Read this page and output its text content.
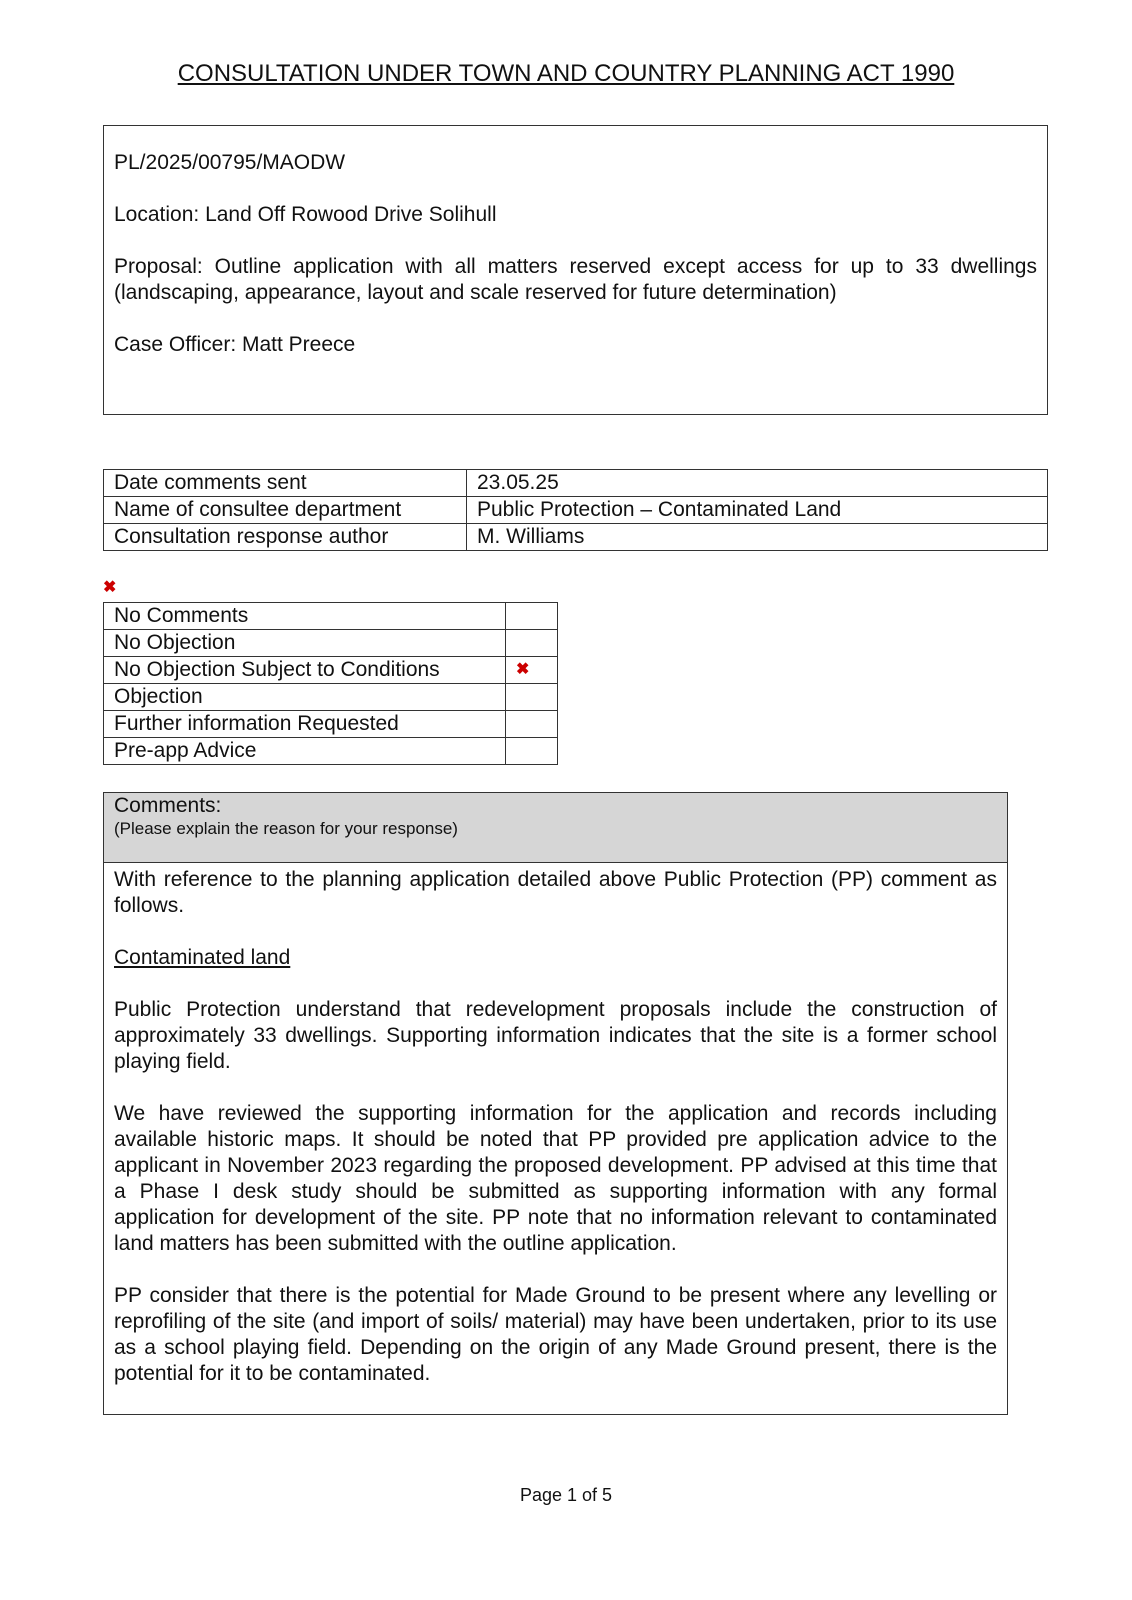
CONSULTATION UNDER TOWN AND COUNTRY PLANNING ACT 1990

PL/2025/00795/MAODW

Location: Land Off Rowood Drive Solihull

Proposal: Outline application with all matters reserved except access for up to 33 dwellings (landscaping, appearance, layout and scale reserved for future determination)

Case Officer: Matt Preece

Date comments sent	23.05.25
Name of consultee department	Public Protection – Contaminated Land
Consultation response author	M. Williams
✖
No Comments	
No Objection	
No Objection Subject to Conditions	✖
Objection	
Further information Requested	
Pre-app Advice	
Comments:
(Please explain the reason for your response)

With reference to the planning application detailed above Public Protection (PP) comment as follows.

Contaminated land

Public Protection understand that redevelopment proposals include the construction of approximately 33 dwellings. Supporting information indicates that the site is a former school playing field.

We have reviewed the supporting information for the application and records including available historic maps. It should be noted that PP provided pre application advice to the applicant in November 2023 regarding the proposed development. PP advised at this time that a Phase I desk study should be submitted as supporting information with any formal application for development of the site. PP note that no information relevant to contaminated land matters has been submitted with the outline application.

PP consider that there is the potential for Made Ground to be present where any levelling or reprofiling of the site (and import of soils/ material) may have been undertaken, prior to its use as a school playing field. Depending on the origin of any Made Ground present, there is the potential for it to be contaminated.

Page 1 of 5
